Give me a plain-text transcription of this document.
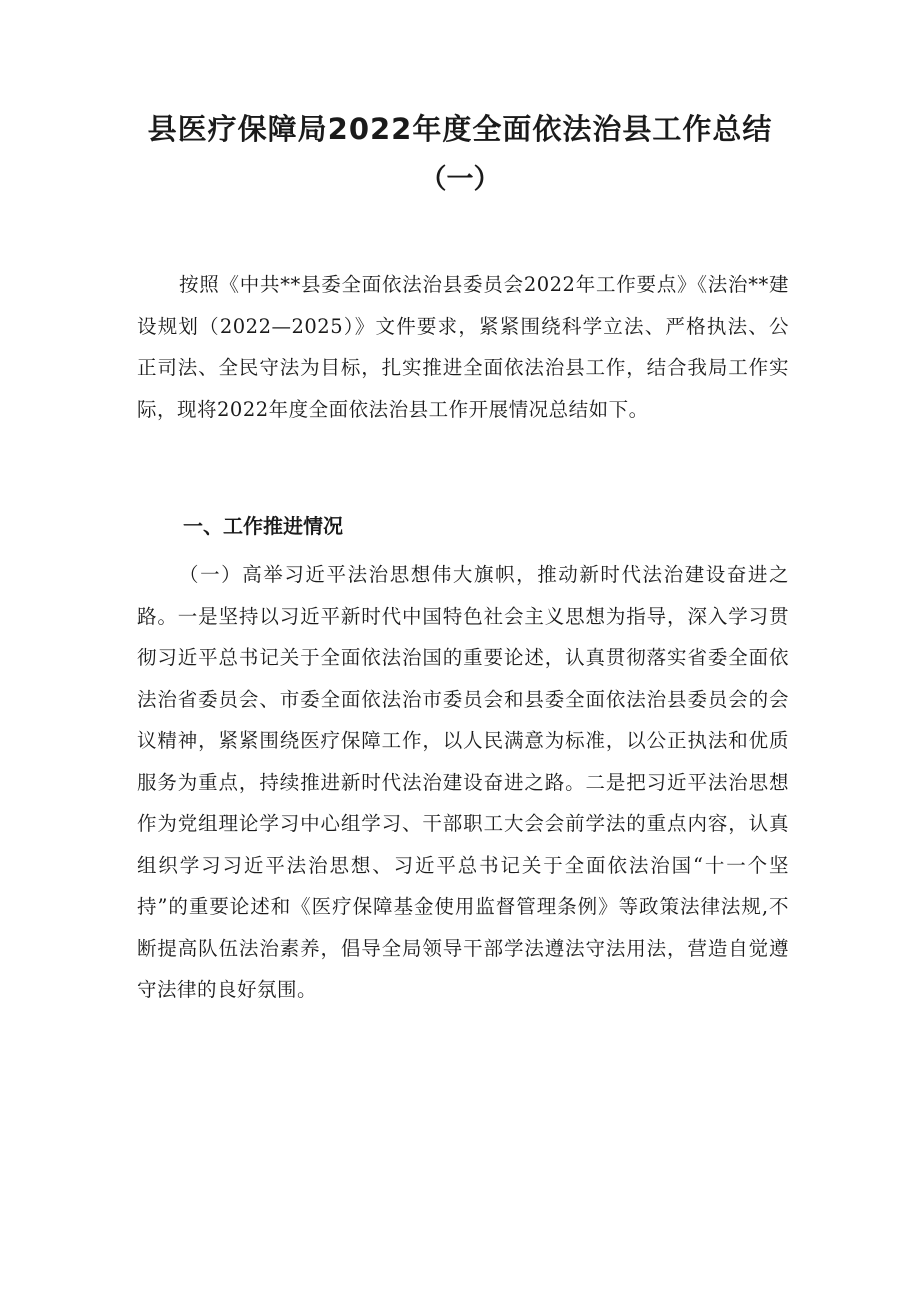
县医疗保障局2022年度全面依法治县工作总结
（一）

按照《中共**县委全面依法治县委员会2022年工作要点》《法治**建设规划（2022—2025）》文件要求，紧紧围绕科学立法、严格执法、公正司法、全民守法为目标，扎实推进全面依法治县工作，结合我局工作实际，现将2022年度全面依法治县工作开展情况总结如下。

一、工作推进情况

（一）高举习近平法治思想伟大旗帜，推动新时代法治建设奋进之路。一是坚持以习近平新时代中国特色社会主义思想为指导，深入学习贯彻习近平总书记关于全面依法治国的重要论述，认真贯彻落实省委全面依法治省委员会、市委全面依法治市委员会和县委全面依法治县委员会的会议精神，紧紧围绕医疗保障工作，以人民满意为标准，以公正执法和优质服务为重点，持续推进新时代法治建设奋进之路。二是把习近平法治思想作为党组理论学习中心组学习、干部职工大会会前学法的重点内容，认真组织学习习近平法治思想、习近平总书记关于全面依法治国“十一个坚持”的重要论述和《医疗保障基金使用监督管理条例》等政策法律法规,不断提高队伍法治素养，倡导全局领导干部学法遵法守法用法，营造自觉遵守法律的良好氛围。
